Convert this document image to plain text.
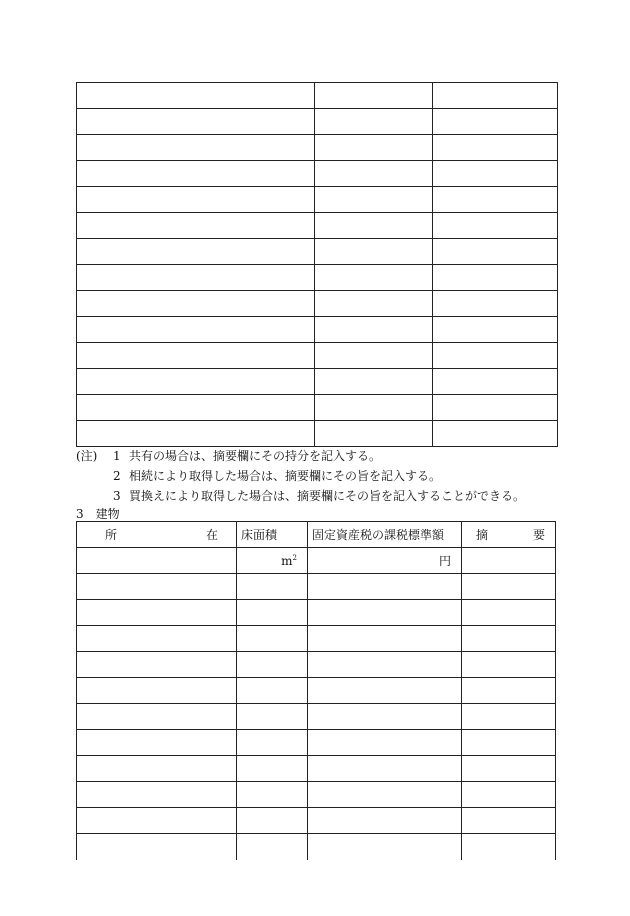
(注) 1 共有の場合は、摘要欄にその持分を記入する。
2 相続により取得した場合は、摘要欄にその旨を記入する。
3 買換えにより取得した場合は、摘要欄にその旨を記入することができる。
3　建物
所 在	床面積	固定資産税の課税標準額	摘 要

	$m^2$	円	
